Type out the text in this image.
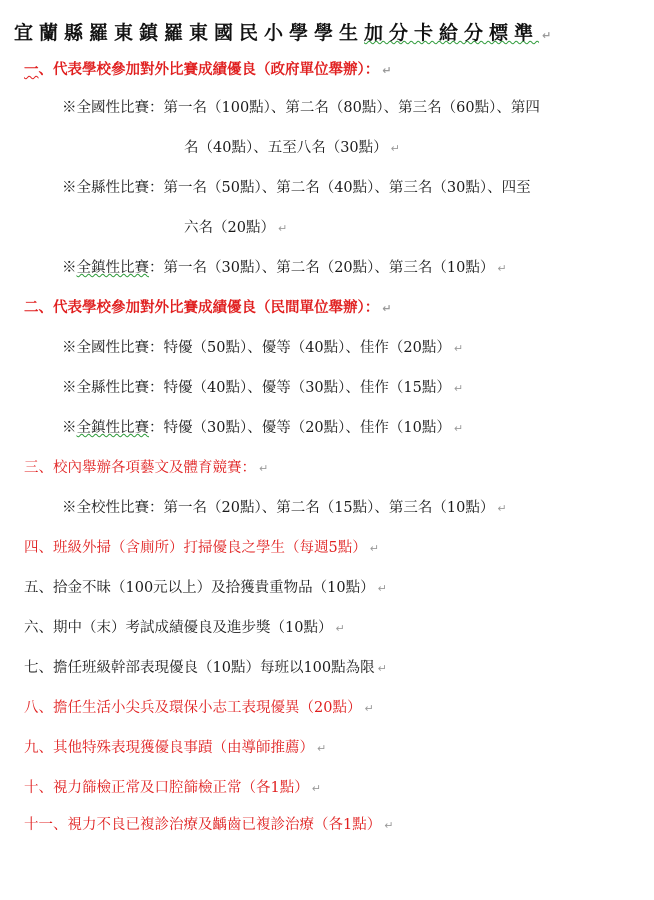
宜蘭縣羅東鎮羅東國民小學學生加分卡給分標準 ↵
一、代表學校參加對外比賽成績優良（政府單位舉辦）： ↵
※全國性比賽：第一名（100點）、第二名（80點）、第三名（60點）、第四
名（40點）、五至八名（30點） ↵
※全縣性比賽：第一名（50點）、第二名（40點）、第三名（30點）、四至
六名（20點） ↵
※全鎮性比賽：第一名（30點）、第二名（20點）、第三名（10點） ↵
二、代表學校參加對外比賽成績優良（民間單位舉辦）： ↵
※全國性比賽：特優（50點）、優等（40點）、佳作（20點） ↵
※全縣性比賽：特優（40點）、優等（30點）、佳作（15點） ↵
※全鎮性比賽：特優（30點）、優等（20點）、佳作（10點） ↵
三、校內舉辦各項藝文及體育競賽： ↵
※全校性比賽：第一名（20點）、第二名（15點）、第三名（10點） ↵
四、班級外掃（含廁所）打掃優良之學生（每週5點） ↵
五、拾金不昧（100元以上）及拾獲貴重物品（10點） ↵
六、期中（末）考試成績優良及進步獎（10點） ↵
七、擔任班級幹部表現優良（10點）每班以100點為限 ↵
八、擔任生活小尖兵及環保小志工表現優異（20點） ↵
九、其他特殊表現獲優良事蹟（由導師推薦） ↵
十、視力篩檢正常及口腔篩檢正常（各1點） ↵
十一、視力不良已複診治療及齲齒已複診治療（各1點） ↵
